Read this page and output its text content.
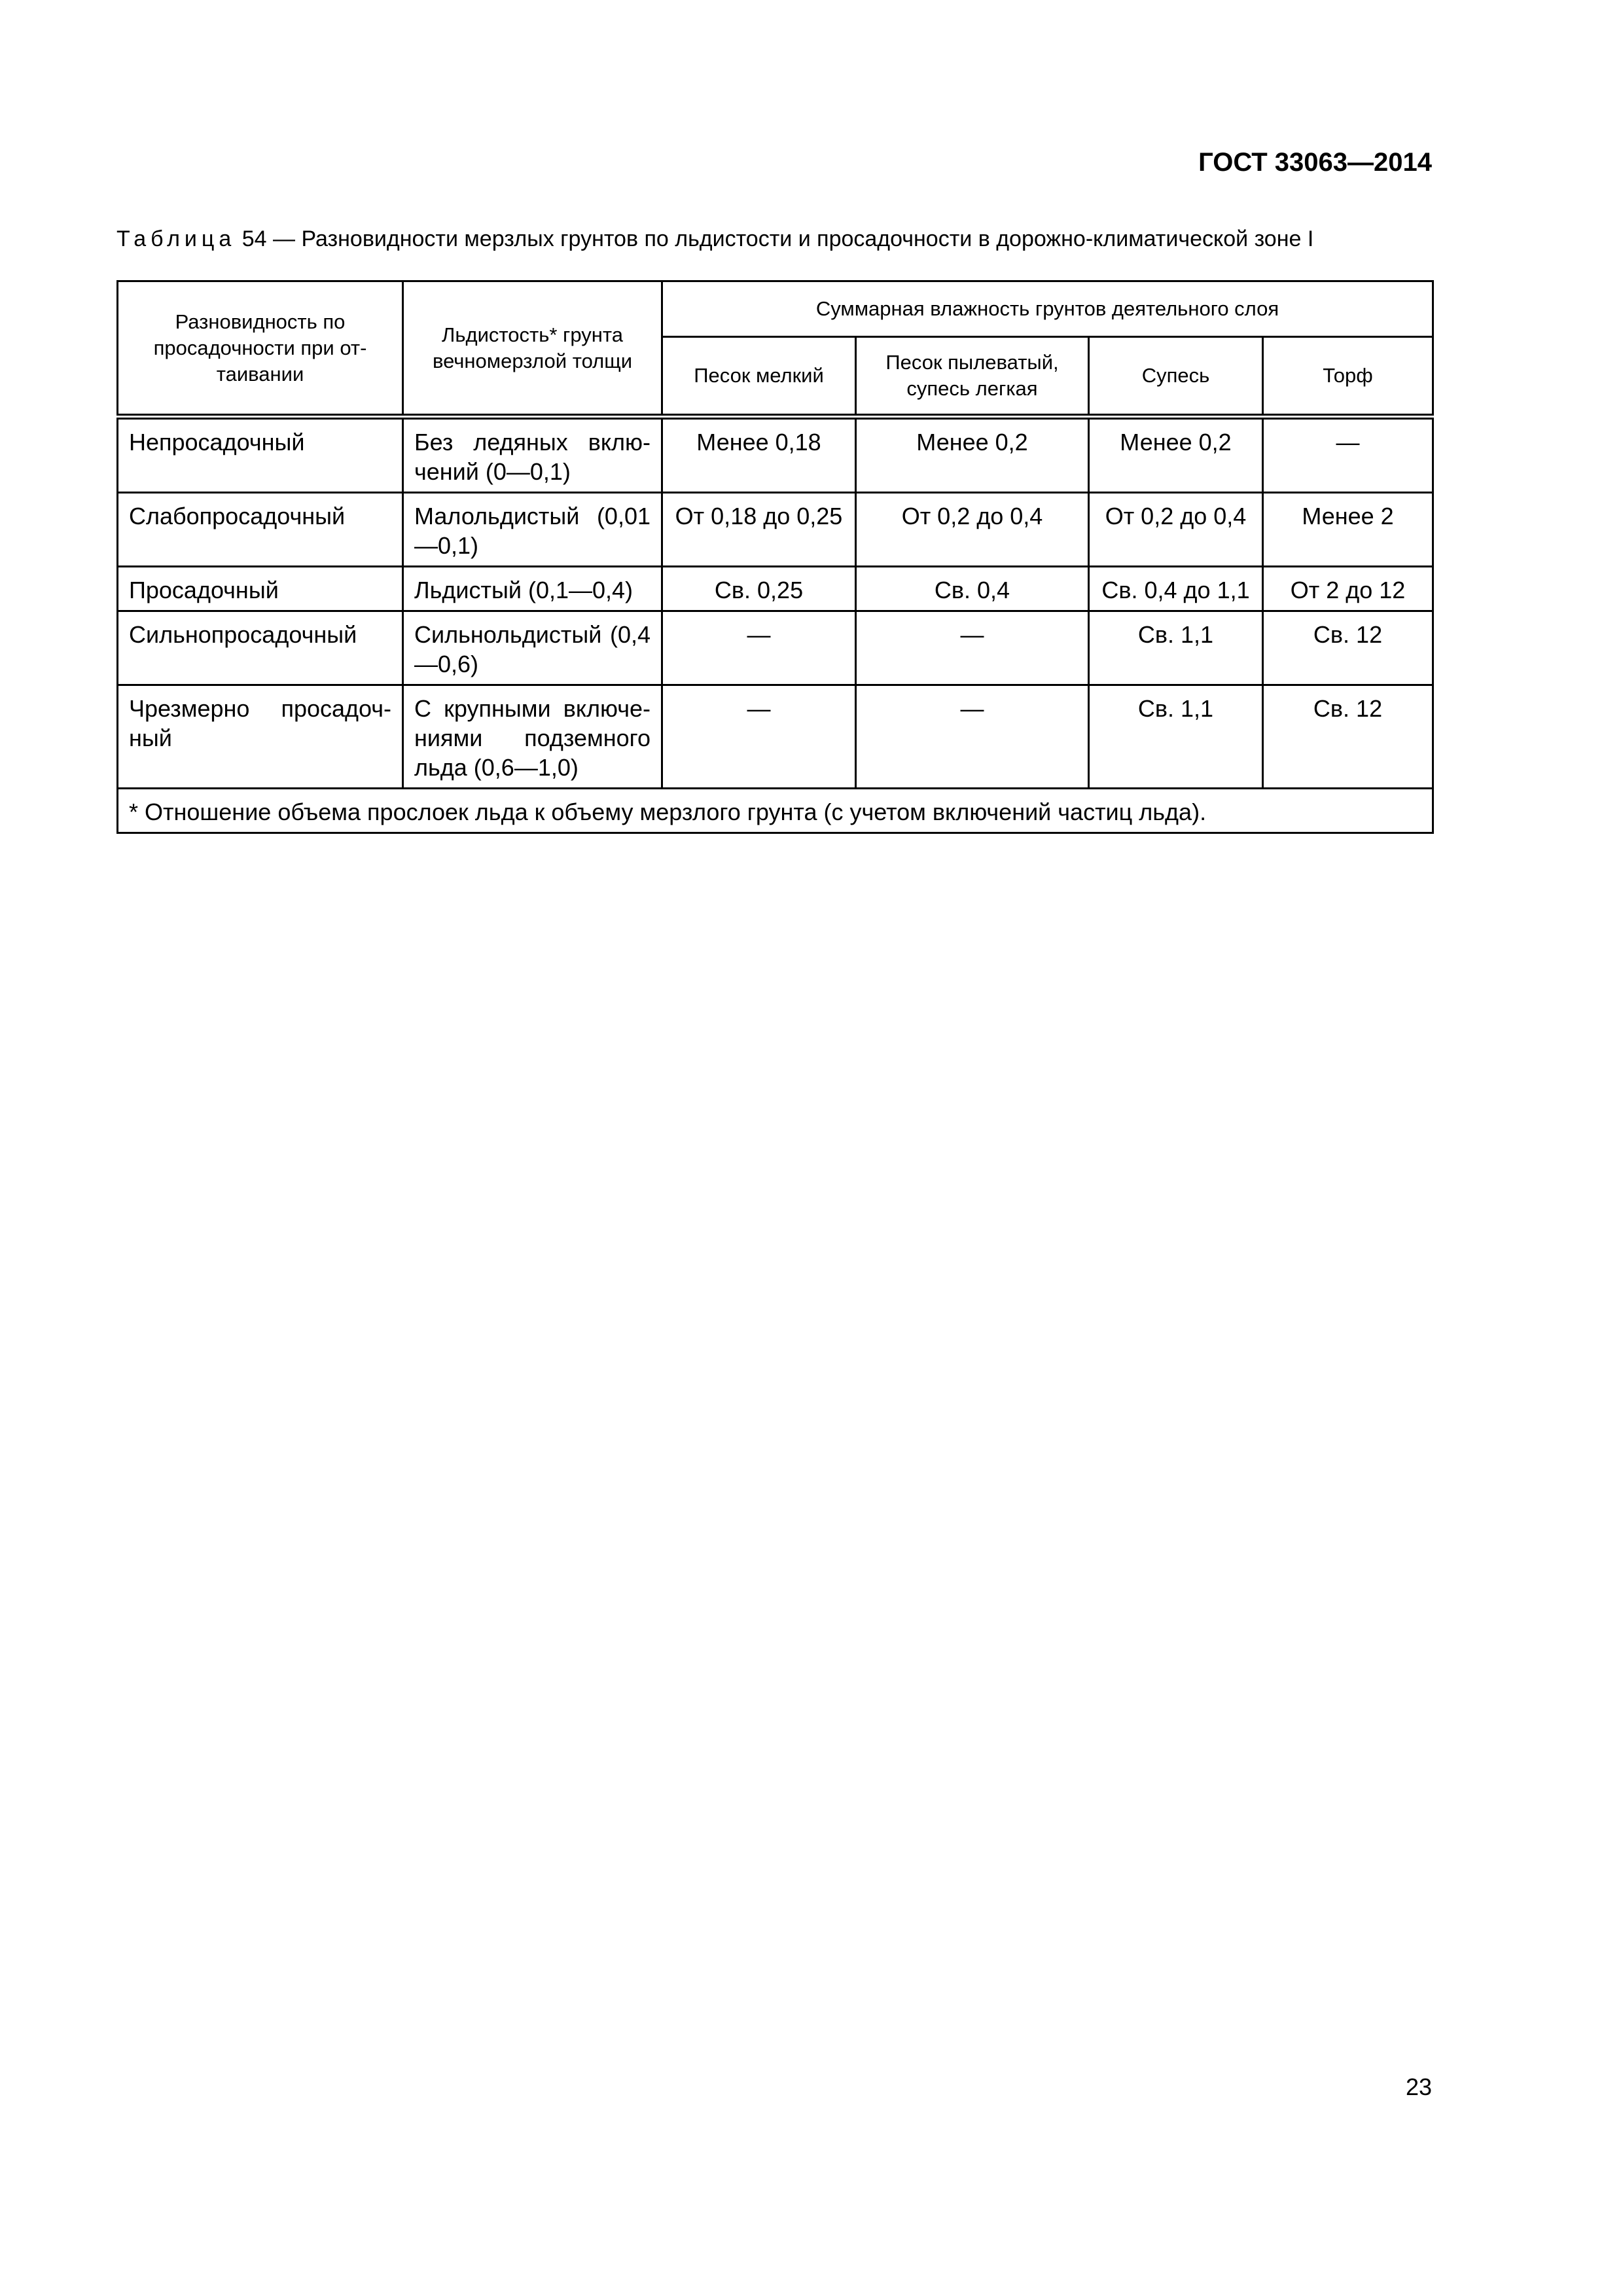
ГОСТ 33063—2014
Таблица 54 — Разновидности мерзлых грунтов по льдистости и просадочности в дорожно-климатической зоне I
Разновидность по просадочности при оттаивании	Льдистость* грунта вечномерзлой толщи	Суммарная влажность грунтов деятельного слоя			
		Песок мелкий	Песок пылеватый, супесь легкая	Супесь	Торф
Непросадочный	Без ледяных включений (0—0,1)	Менее 0,18	Менее 0,2	Менее 0,2	—
Слабопросадочный	Малольдистый (0,01—0,1)	От 0,18 до 0,25	От 0,2 до 0,4	От 0,2 до 0,4	Менее 2
Просадочный	Льдистый (0,1—0,4)	Св. 0,25	Св. 0,4	Св. 0,4 до 1,1	От 2 до 12
Сильнопросадочный	Сильнольдистый (0,4—0,6)	—	—	Св. 1,1	Св. 12
Чрезмерно просадочный	С крупными включениями подземного льда (0,6—1,0)	—	—	Св. 1,1	Св. 12
* Отношение объема прослоек льда к объему мерзлого грунта (с учетом включений частиц льда).					
23
